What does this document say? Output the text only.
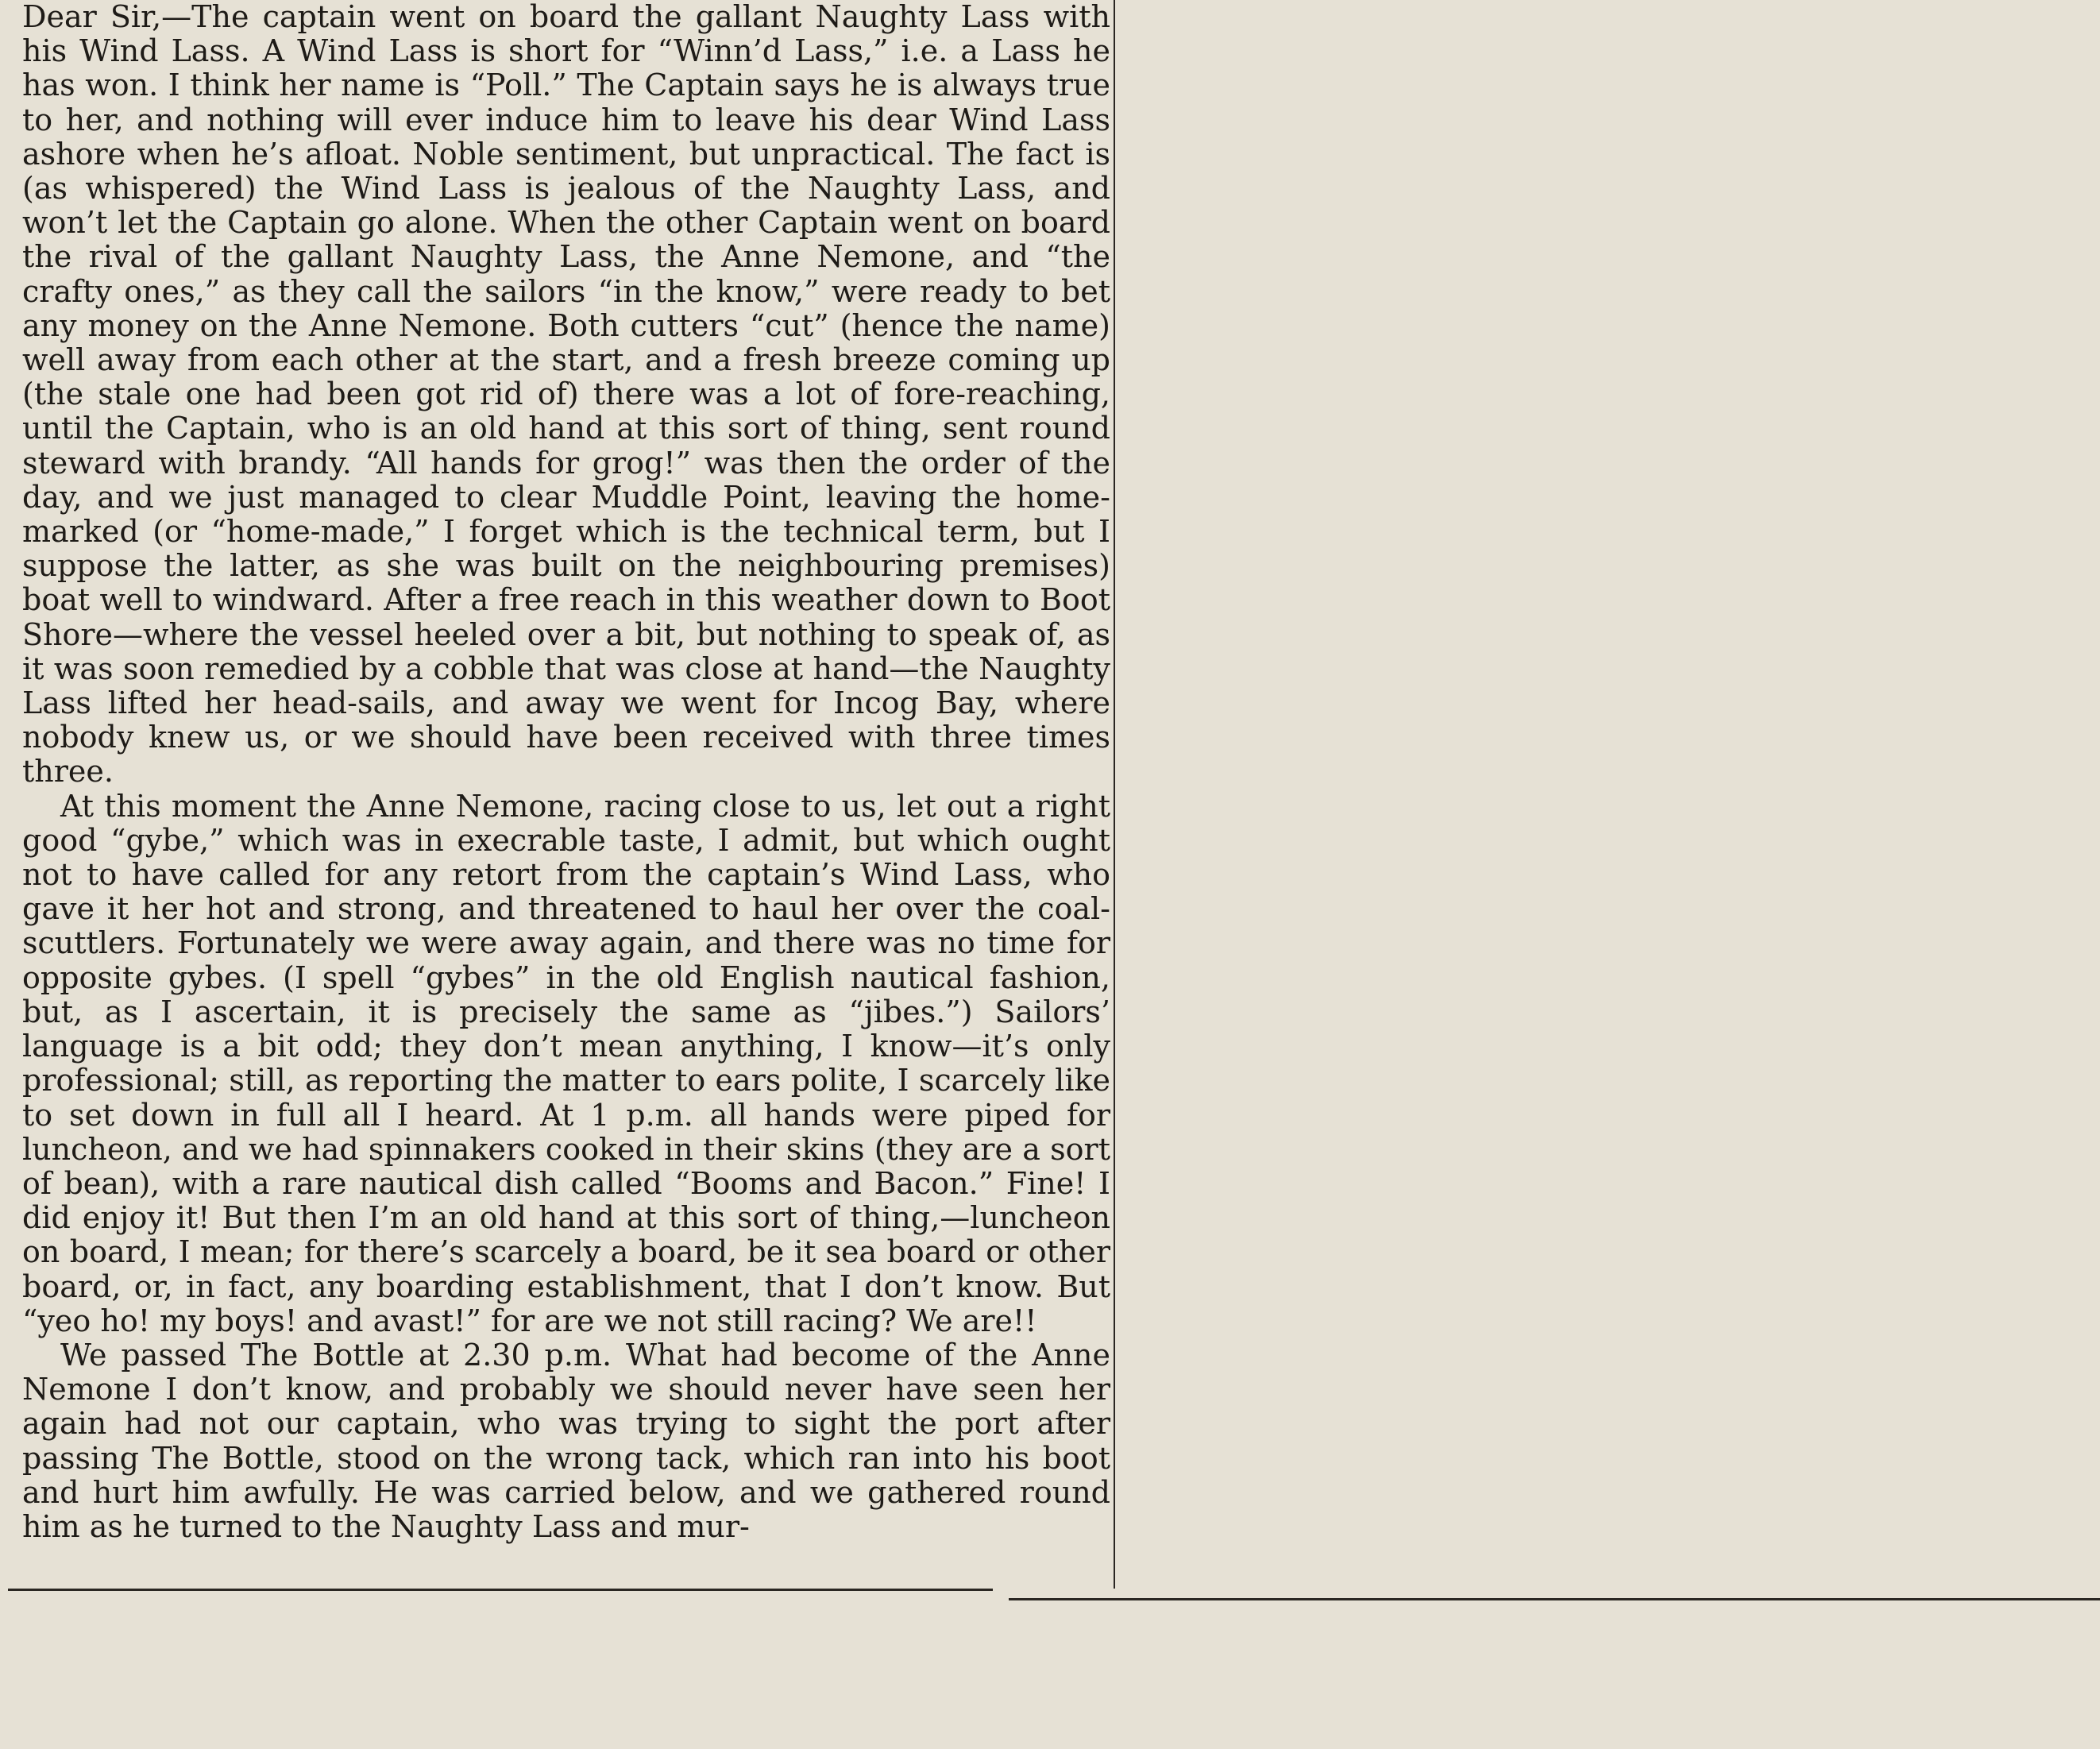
Dear Sir,—The captain went on board the gallant Naughty Lass with his Wind Lass. A Wind Lass is short for “Winn’d Lass,” i.e. a Lass he has won. I think her name is “Poll.” The Captain says he is always true to her, and nothing will ever induce him to leave his dear Wind Lass ashore when he’s afloat. Noble sentiment, but unpractical. The fact is (as whispered) the Wind Lass is jealous of the Naughty Lass, and won’t let the Captain go alone. When the other Captain went on board the rival of the gallant Naughty Lass, the Anne Nemone, and “the crafty ones,” as they call the sailors “in the know,” were ready to bet any money on the Anne Nemone. Both cutters “cut” (hence the name) well away from each other at the start, and a fresh breeze coming up (the stale one had been got rid of) there was a lot of fore-reaching, until the Captain, who is an old hand at this sort of thing, sent round steward with brandy. “All hands for grog!” was then the order of the day, and we just managed to clear Muddle Point, leaving the home-marked (or “home-made,” I forget which is the technical term, but I suppose the latter, as she was built on the neighbouring premises) boat well to windward. After a free reach in this weather down to Boot Shore—where the vessel heeled over a bit, but nothing to speak of, as it was soon remedied by a cobble that was close at hand—the Naughty Lass lifted her head-sails, and away we went for Incog Bay, where nobody knew us, or we should have been received with three times three.

At this moment the Anne Nemone, racing close to us, let out a right good “gybe,” which was in execrable taste, I admit, but which ought not to have called for any retort from the captain’s Wind Lass, who gave it her hot and strong, and threatened to haul her over the coal-scuttlers. Fortunately we were away again, and there was no time for opposite gybes. (I spell “gybes” in the old English nautical fashion, but, as I ascertain, it is precisely the same as “jibes.”) Sailors’ language is a bit odd; they don’t mean anything, I know—it’s only professional; still, as reporting the matter to ears polite, I scarcely like to set down in full all I heard. At 1 p.m. all hands were piped for luncheon, and we had spinnakers cooked in their skins (they are a sort of bean), with a rare nautical dish called “Booms and Bacon.” Fine! I did enjoy it! But then I’m an old hand at this sort of thing,—luncheon on board, I mean; for there’s scarcely a board, be it sea board or other board, or, in fact, any boarding establishment, that I don’t know. But “yeo ho! my boys! and avast!” for are we not still racing? We are!!

We passed The Bottle at 2.30 p.m. What had become of the Anne Nemone I don’t know, and probably we should never have seen her again had not our captain, who was trying to sight the port after passing The Bottle, stood on the wrong tack, which ran into his boot and hurt him awfully. He was carried below, and we gathered round him as he turned to the Naughty Lass and mur-
